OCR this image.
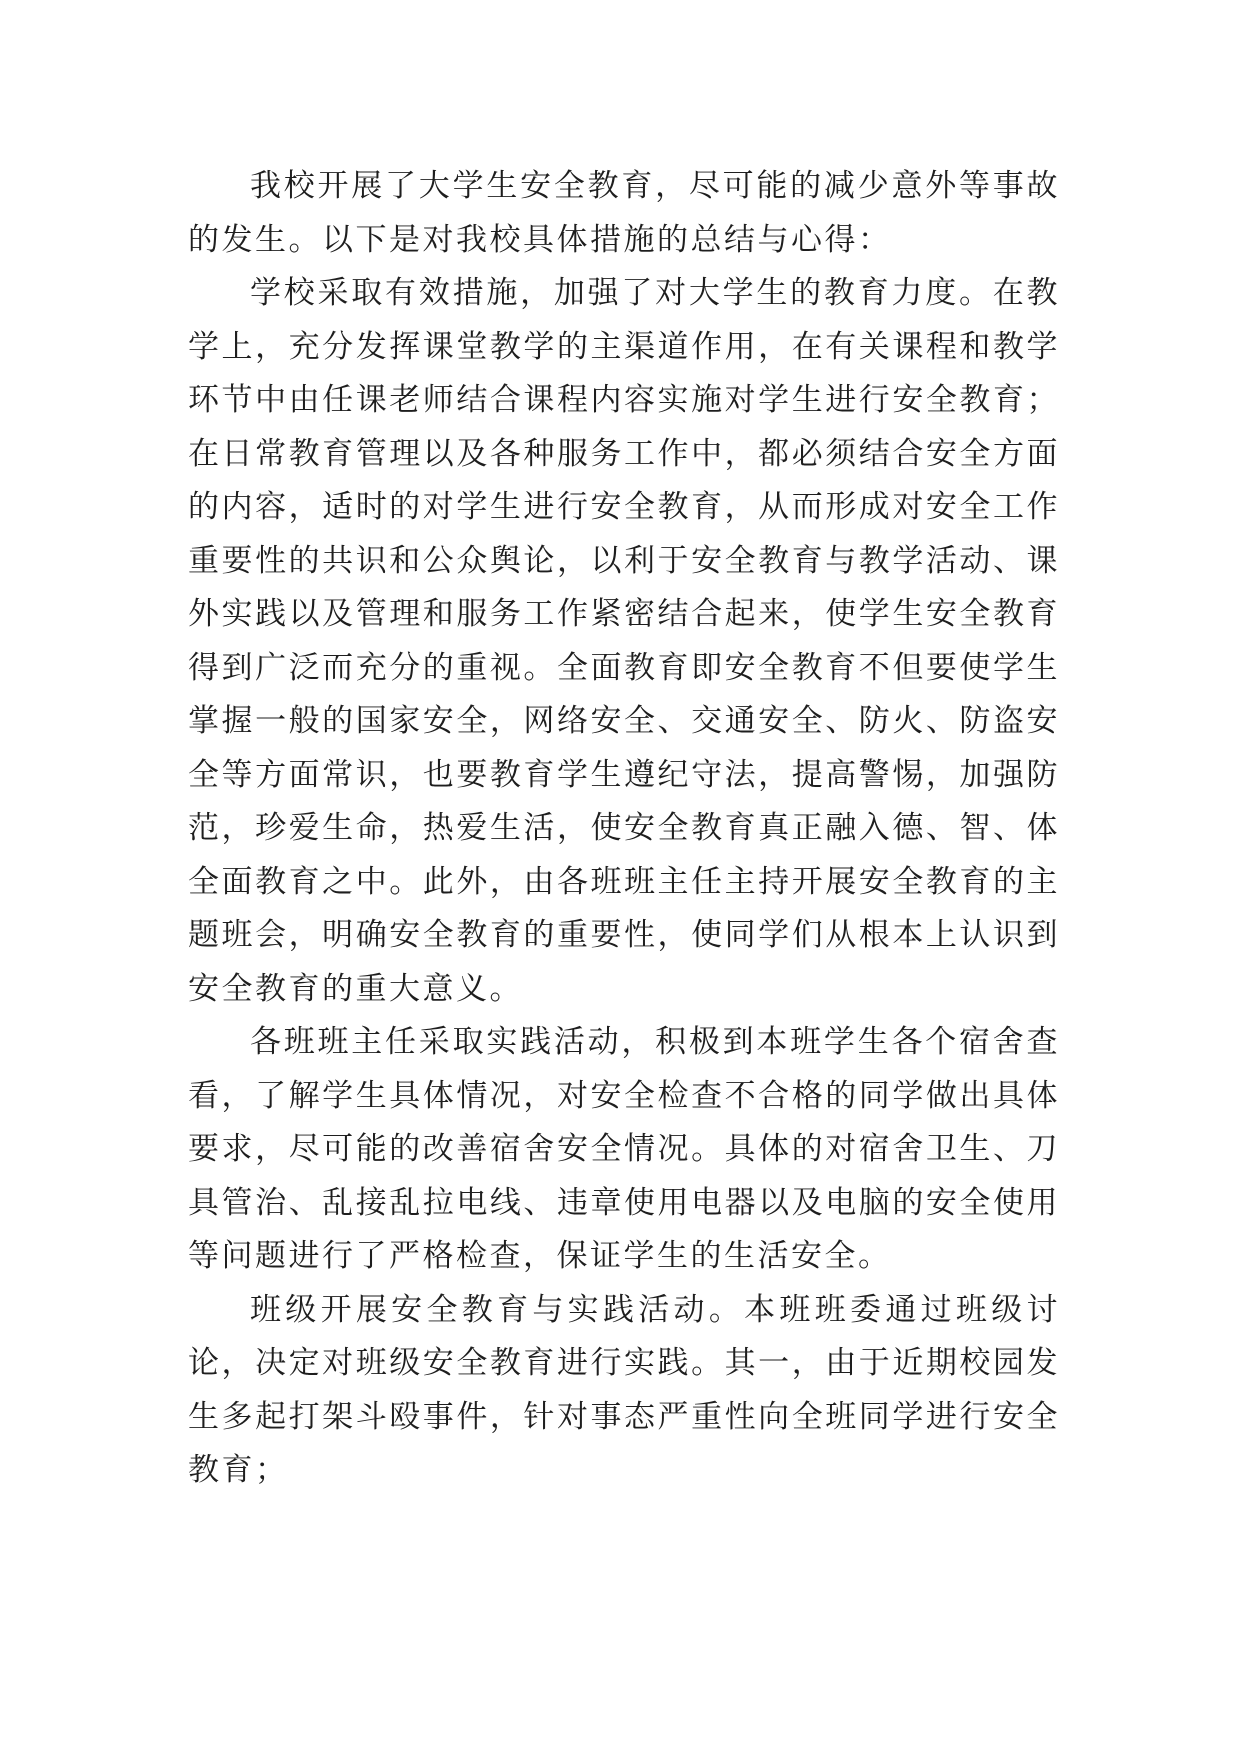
我校开展了大学生安全教育，尽可能的减少意外等事故的发生。以下是对我校具体措施的总结与心得：

学校采取有效措施，加强了对大学生的教育力度。在教学上，充分发挥课堂教学的主渠道作用，在有关课程和教学环节中由任课老师结合课程内容实施对学生进行安全教育；在日常教育管理以及各种服务工作中，都必须结合安全方面的内容，适时的对学生进行安全教育，从而形成对安全工作重要性的共识和公众舆论，以利于安全教育与教学活动、课外实践以及管理和服务工作紧密结合起来，使学生安全教育得到广泛而充分的重视。全面教育即安全教育不但要使学生掌握一般的国家安全，网络安全、交通安全、防火、防盗安全等方面常识，也要教育学生遵纪守法，提高警惕，加强防范，珍爱生命，热爱生活，使安全教育真正融入德、智、体全面教育之中。此外，由各班班主任主持开展安全教育的主题班会，明确安全教育的重要性，使同学们从根本上认识到安全教育的重大意义。

各班班主任采取实践活动，积极到本班学生各个宿舍查看，了解学生具体情况，对安全检查不合格的同学做出具体要求，尽可能的改善宿舍安全情况。具体的对宿舍卫生、刀具管治、乱接乱拉电线、违章使用电器以及电脑的安全使用等问题进行了严格检查，保证学生的生活安全。

班级开展安全教育与实践活动。本班班委通过班级讨论，决定对班级安全教育进行实践。其一，由于近期校园发生多起打架斗殴事件，针对事态严重性向全班同学进行安全教育；
